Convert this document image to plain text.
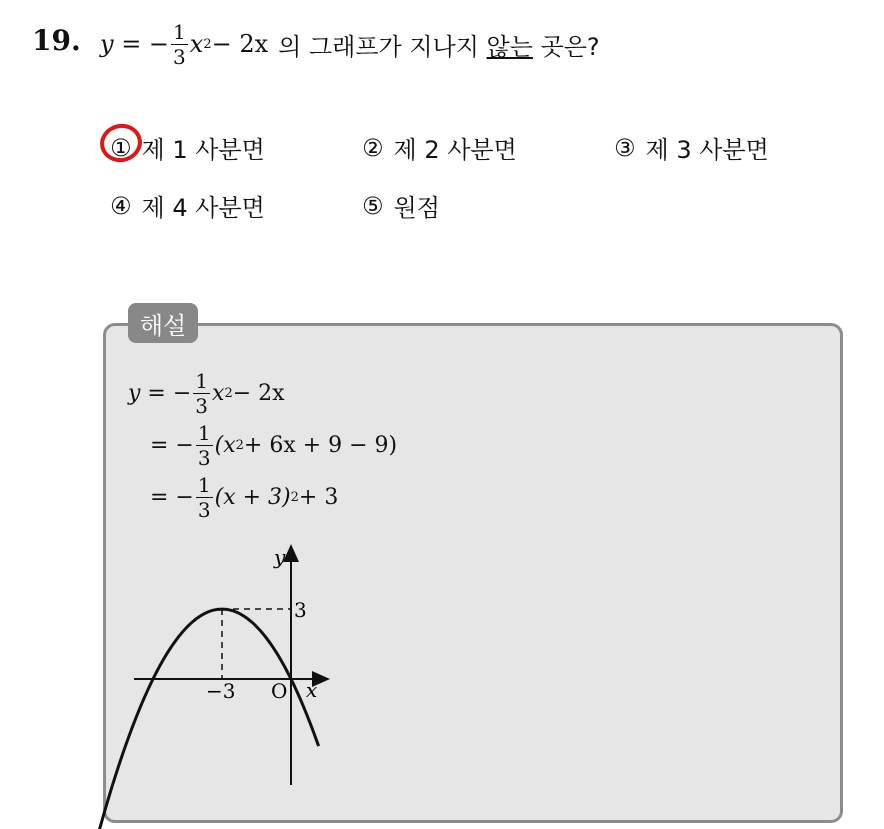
19. y = − $\frac{1}{3}$ x 2 − 2x 의 그래프가 지나지 않는 곳은?
① 제 1 사분면	② 제 2 사분면	③ 제 3 사분면
④ 제 4 사분면	⑤ 원점
해설
y = − $\frac{1}{3}$ x 2 − 2x
= − $\frac{1}{3} (x$ 2 + 6x + 9 − 9)
= − $\frac{1}{3} (x + 3) 2 + 3$
y
x
O
−3
3
